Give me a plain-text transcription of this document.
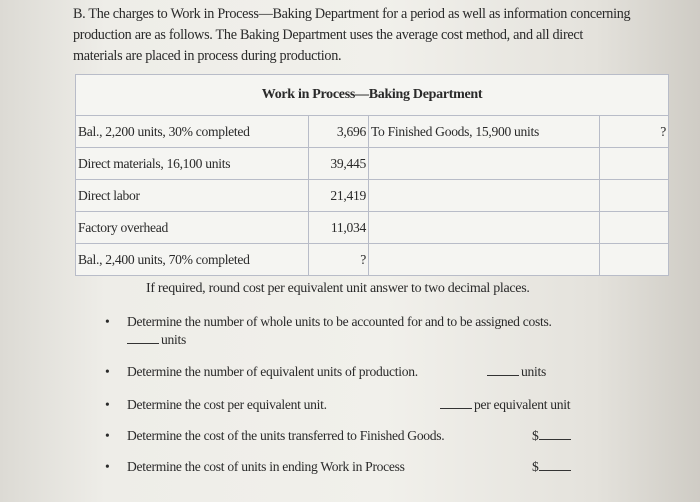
B. The charges to Work in Process—Baking Department for a period as well as information concerning production are as follows. The Baking Department uses the average cost method, and all direct materials are placed in process during production.
Work in Process—Baking Department			
Bal., 2,200 units, 30% completed	3,696	To Finished Goods, 15,900 units	?
Direct materials, 16,100 units	39,445		
Direct labor	21,419		
Factory overhead	11,034		
Bal., 2,400 units, 70% completed	?		
If required, round cost per equivalent unit answer to two decimal places.
• Determine the number of whole units to be accounted for and to be assigned costs.
units
• Determine the number of equivalent units of production.	units
• Determine the cost per equivalent unit.	per equivalent unit
• Determine the cost of the units transferred to Finished Goods.	$
• Determine the cost of units in ending Work in Process	$
